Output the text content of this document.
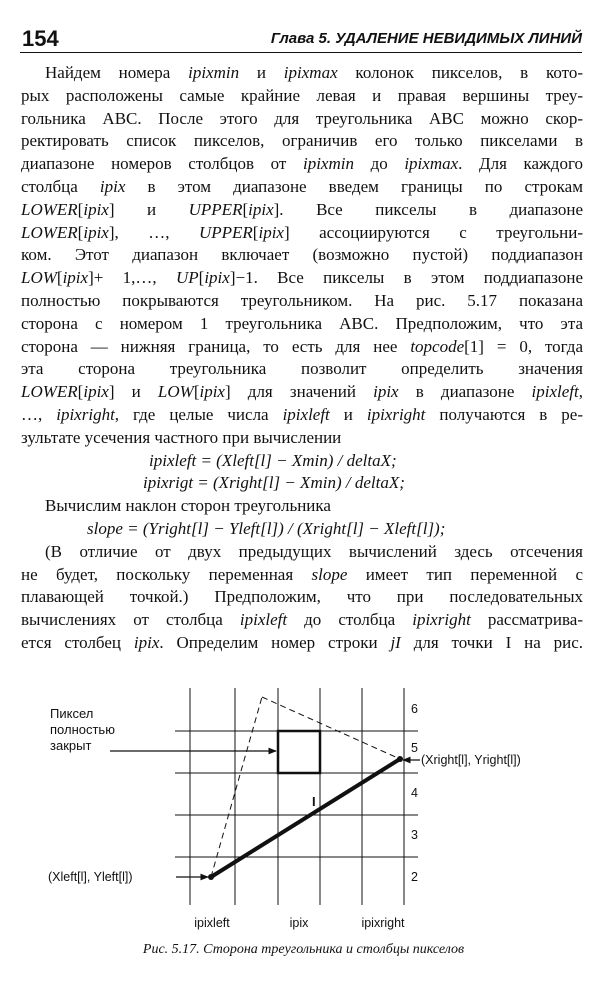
154	Глава 5. УДАЛЕНИЕ НЕВИДИМЫХ ЛИНИЙ
Найдем номера ipixmin и ipixmax колонок пикселов, в кото-
рых расположены самые крайние левая и правая вершины треу-
гольника ABC. После этого для треугольника ABC можно скор-
ректировать список пикселов, ограничив его только пикселами в
диапазоне номеров столбцов от ipixmin до ipixmax. Для каждого
столбца ipix в этом диапазоне введем границы по строкам
LOWER[ipix] и UPPER[ipix]. Все пикселы в диапазоне
LOWER[ipix], …, UPPER[ipix] ассоциируются с треугольни-
ком. Этот диапазон включает (возможно пустой) поддиапазон
LOW[ipix]+ 1,…, UP[ipix]−1. Все пикселы в этом поддиапазоне
полностью покрываются треугольником. На рис. 5.17 показана
сторона с номером 1 треугольника ABC. Предположим, что эта
сторона — нижняя граница, то есть для нее topcode[1] = 0, тогда
эта сторона треугольника позволит определить значения
LOWER[ipix] и LOW[ipix] для значений ipix в диапазоне ipixleft,
…, ipixright, где целые числа ipixleft и ipixright получаются в ре-
зультате усечения частного при вычислении
ipixleft = (Xleft[l] − Xmin) / deltaX;
ipixrigt = (Xright[l] − Xmin) / deltaX;
Вычислим наклон сторон треугольника
slope = (Yright[l] − Yleft[l]) / (Xright[l] − Xleft[l]);
(В отличие от двух предыдущих вычислений здесь отсечения
не будет, поскольку переменная slope имеет тип переменной с
плавающей точкой.) Предположим, что при последовательных
вычислениях от столбца ipixleft до столбца ipixright рассматрива-
ется столбец ipix. Определим номер строки jI для точки I на рис.
Пиксел
полностью
закрыт
(Xleft[l], Yleft[l])
(Xright[l], Yright[l])
I
6
5
4
3
2
ipixleft	ipix	ipixright
Рис. 5.17. Сторона треугольника и столбцы пикселов
